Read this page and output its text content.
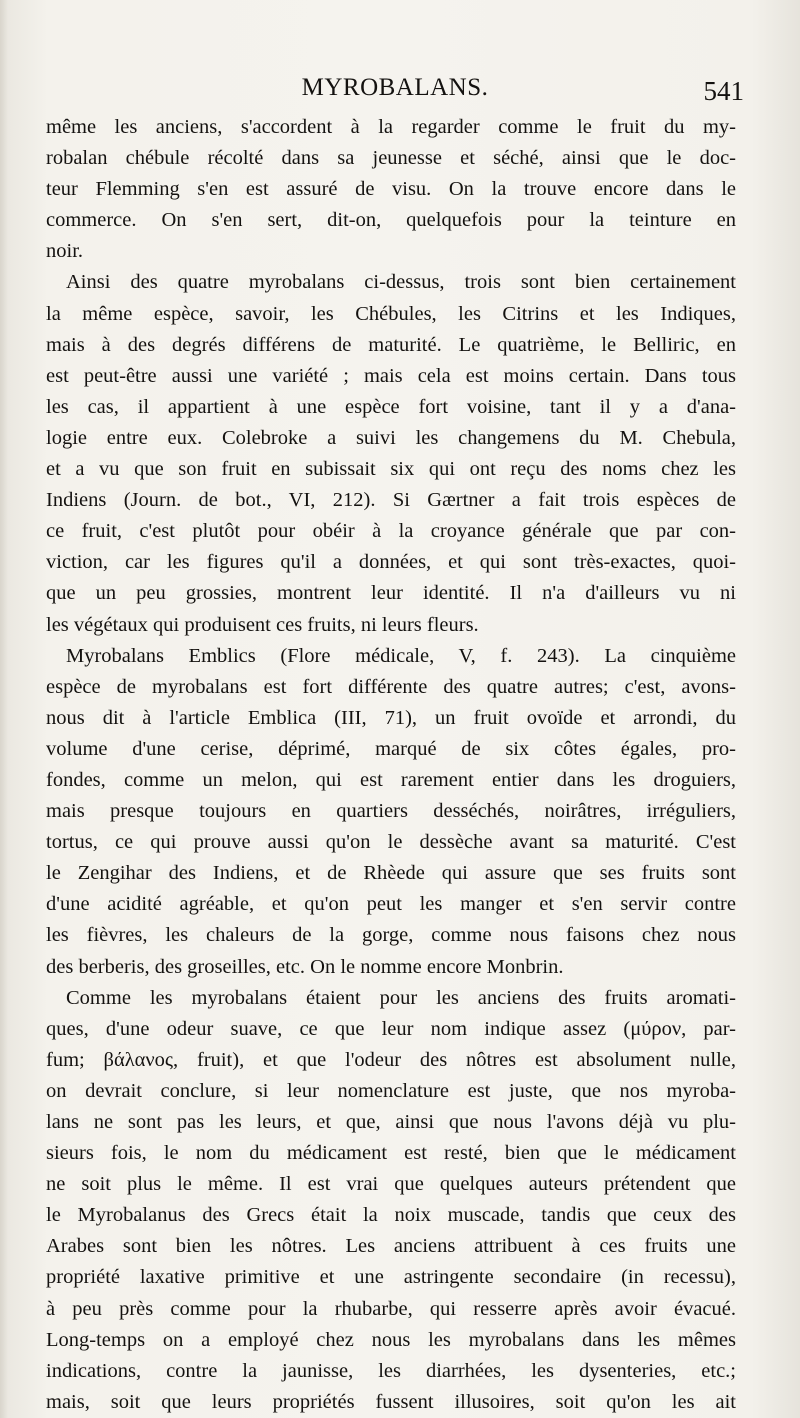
MYROBALANS.	541
même les anciens, s'accordent à la regarder comme le fruit du my-
robalan chébule récolté dans sa jeunesse et séché, ainsi que le doc-
teur Flemming s'en est assuré de visu. On la trouve encore dans le
commerce. On s'en sert, dit-on, quelquefois pour la teinture en
noir.
Ainsi des quatre myrobalans ci-dessus, trois sont bien certainement
la même espèce, savoir, les Chébules, les Citrins et les Indiques,
mais à des degrés différens de maturité. Le quatrième, le Belliric, en
est peut-être aussi une variété ; mais cela est moins certain. Dans tous
les cas, il appartient à une espèce fort voisine, tant il y a d'ana-
logie entre eux. Colebroke a suivi les changemens du M. Chebula,
et a vu que son fruit en subissait six qui ont reçu des noms chez les
Indiens (Journ. de bot., VI, 212). Si Gærtner a fait trois espèces de
ce fruit, c'est plutôt pour obéir à la croyance générale que par con-
viction, car les figures qu'il a données, et qui sont très-exactes, quoi-
que un peu grossies, montrent leur identité. Il n'a d'ailleurs vu ni
les végétaux qui produisent ces fruits, ni leurs fleurs.
Myrobalans Emblics (Flore médicale, V, f. 243). La cinquième
espèce de myrobalans est fort différente des quatre autres; c'est, avons-
nous dit à l'article Emblica (III, 71), un fruit ovoïde et arrondi, du
volume d'une cerise, déprimé, marqué de six côtes égales, pro-
fondes, comme un melon, qui est rarement entier dans les droguiers,
mais presque toujours en quartiers desséchés, noirâtres, irréguliers,
tortus, ce qui prouve aussi qu'on le dessèche avant sa maturité. C'est
le Zengihar des Indiens, et de Rhèede qui assure que ses fruits sont
d'une acidité agréable, et qu'on peut les manger et s'en servir contre
les fièvres, les chaleurs de la gorge, comme nous faisons chez nous
des berberis, des groseilles, etc. On le nomme encore Monbrin.
Comme les myrobalans étaient pour les anciens des fruits aromati-
ques, d'une odeur suave, ce que leur nom indique assez (μύρον, par-
fum; βάλανος, fruit), et que l'odeur des nôtres est absolument nulle,
on devrait conclure, si leur nomenclature est juste, que nos myroba-
lans ne sont pas les leurs, et que, ainsi que nous l'avons déjà vu plu-
sieurs fois, le nom du médicament est resté, bien que le médicament
ne soit plus le même. Il est vrai que quelques auteurs prétendent que
le Myrobalanus des Grecs était la noix muscade, tandis que ceux des
Arabes sont bien les nôtres. Les anciens attribuent à ces fruits une
propriété laxative primitive et une astringente secondaire (in recessu),
à peu près comme pour la rhubarbe, qui resserre après avoir évacué.
Long-temps on a employé chez nous les myrobalans dans les mêmes
indications, contre la jaunisse, les diarrhées, les dysenteries, etc.;
mais, soit que leurs propriétés fussent illusoires, soit qu'on les ait
